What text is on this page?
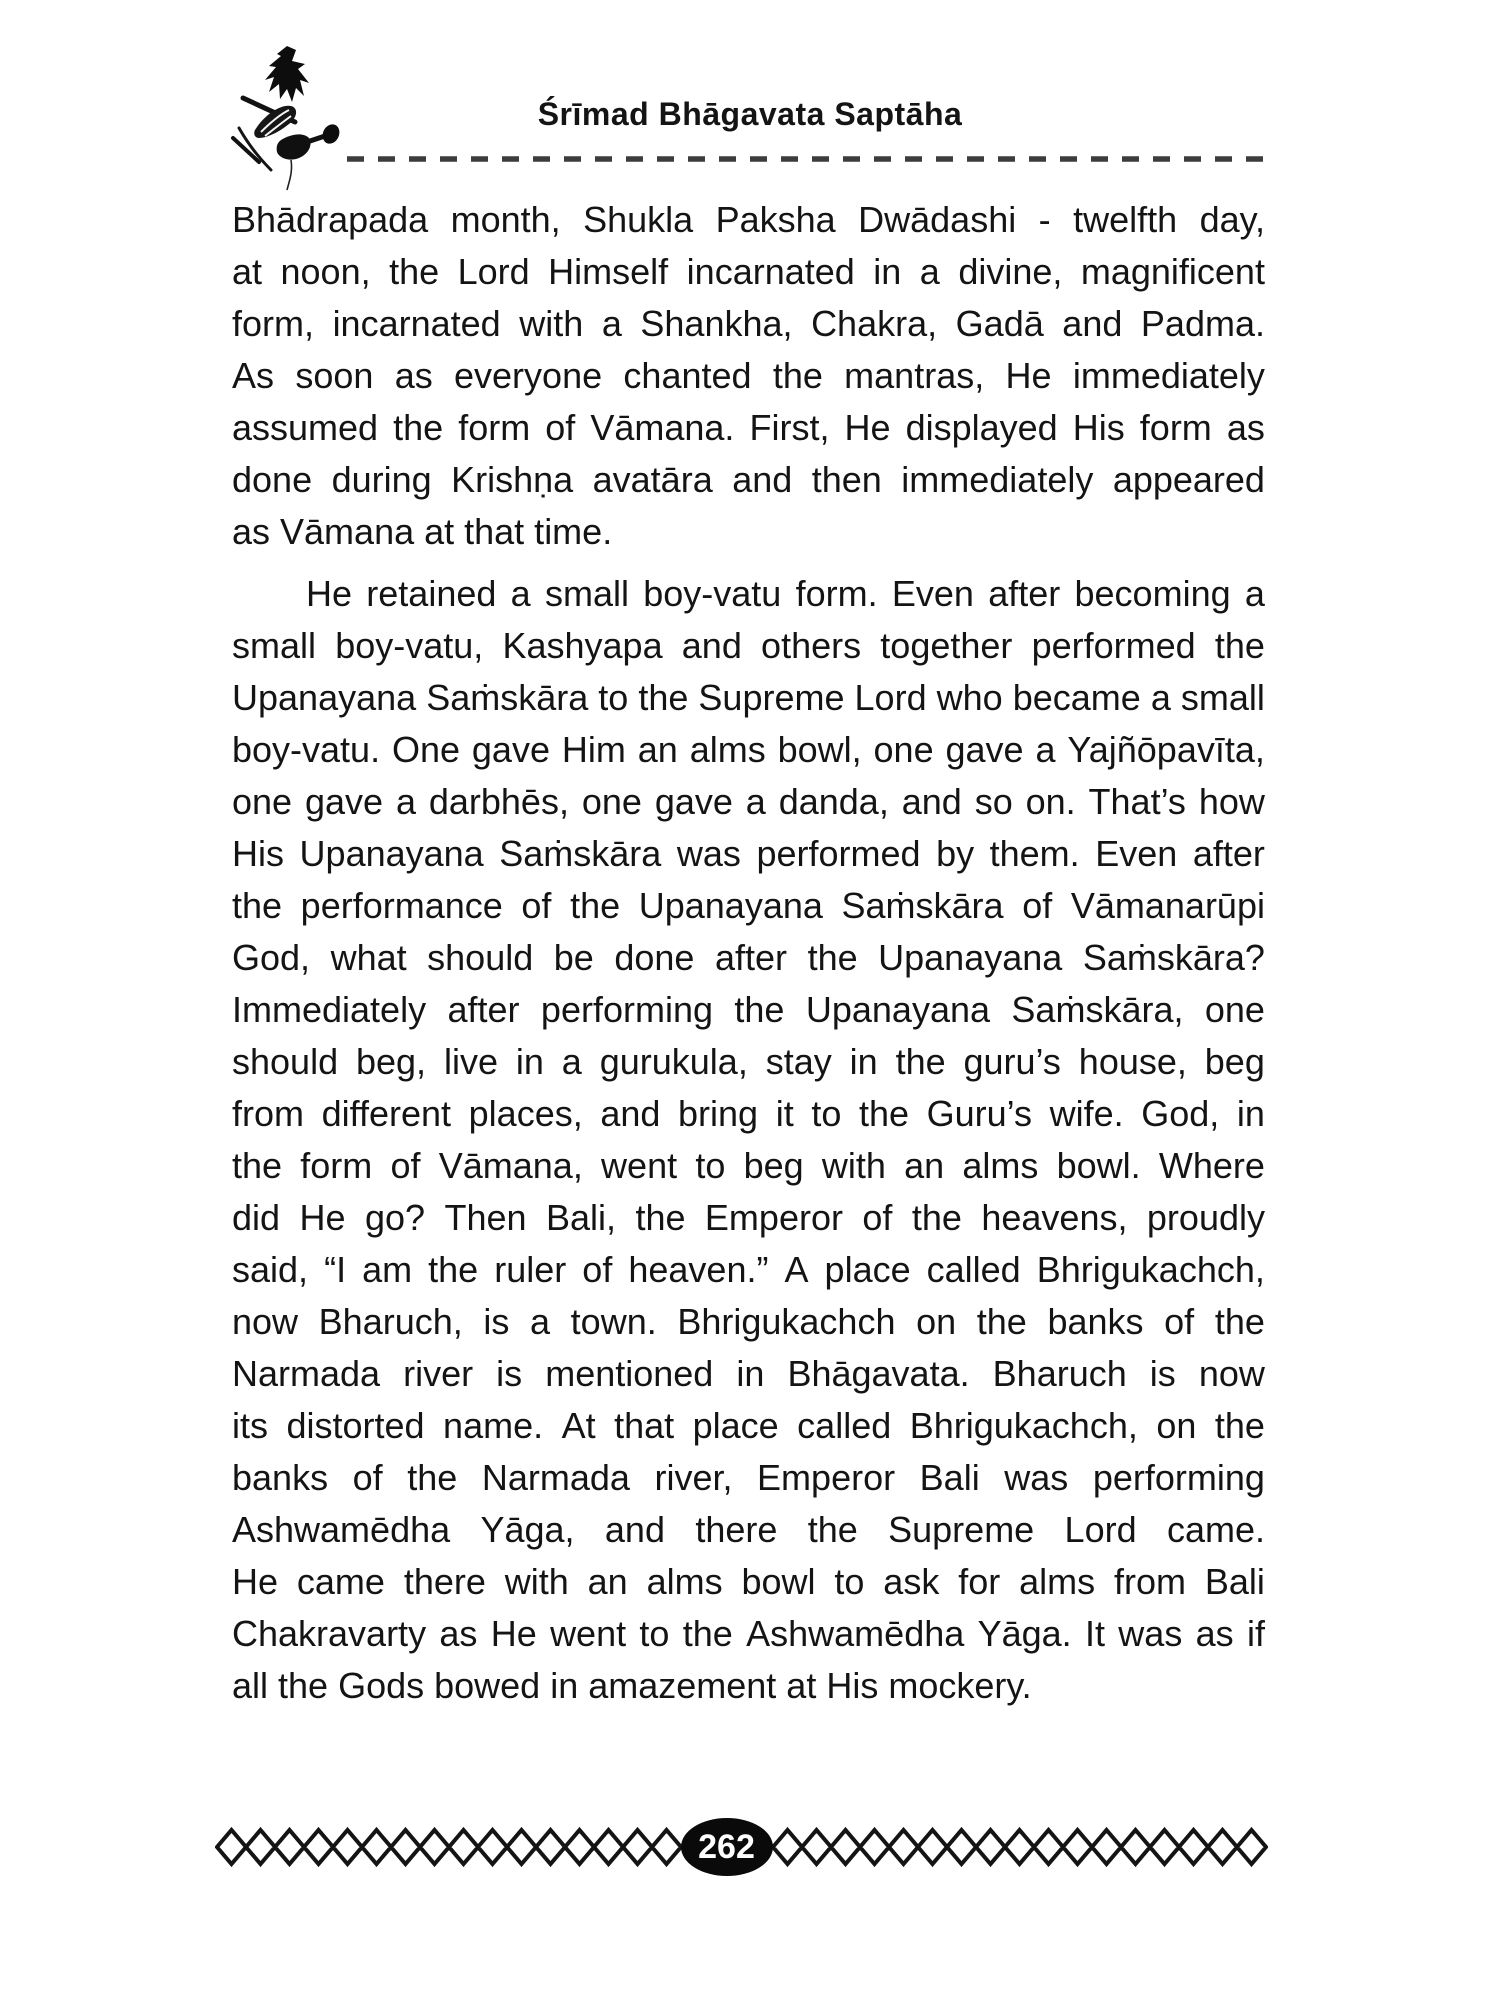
Śrīmad Bhāgavata Saptāha
Bhādrapada month, Shukla Paksha Dwādashi - twelfth day,
at noon, the Lord Himself incarnated in a divine, magnificent
form, incarnated with a Shankha, Chakra, Gadā and Padma.
As soon as everyone chanted the mantras, He immediately
assumed the form of Vāmana. First, He displayed His form as
done during Krishṇa avatāra and then immediately appeared
as Vāmana at that time.
He retained a small boy-vatu form. Even after becoming a
small boy-vatu, Kashyapa and others together performed the
Upanayana Saṁskāra to the Supreme Lord who became a small
boy-vatu. One gave Him an alms bowl, one gave a Yajñōpavīta,
one gave a darbhēs, one gave a danda, and so on. That’s how
His Upanayana Saṁskāra was performed by them. Even after
the performance of the Upanayana Saṁskāra of Vāmanarūpi
God, what should be done after the Upanayana Saṁskāra?
Immediately after performing the Upanayana Saṁskāra, one
should beg, live in a gurukula, stay in the guru’s house, beg
from different places, and bring it to the Guru’s wife. God, in
the form of Vāmana, went to beg with an alms bowl. Where
did He go? Then Bali, the Emperor of the heavens, proudly
said, “I am the ruler of heaven.” A place called Bhrigukachch,
now Bharuch, is a town. Bhrigukachch on the banks of the
Narmada river is mentioned in Bhāgavata. Bharuch is now
its distorted name. At that place called Bhrigukachch, on the
banks of the Narmada river, Emperor Bali was performing
Ashwamēdha Yāga, and there the Supreme Lord came.
He came there with an alms bowl to ask for alms from Bali
Chakravarty as He went to the Ashwamēdha Yāga. It was as if
all the Gods bowed in amazement at His mockery.
262
